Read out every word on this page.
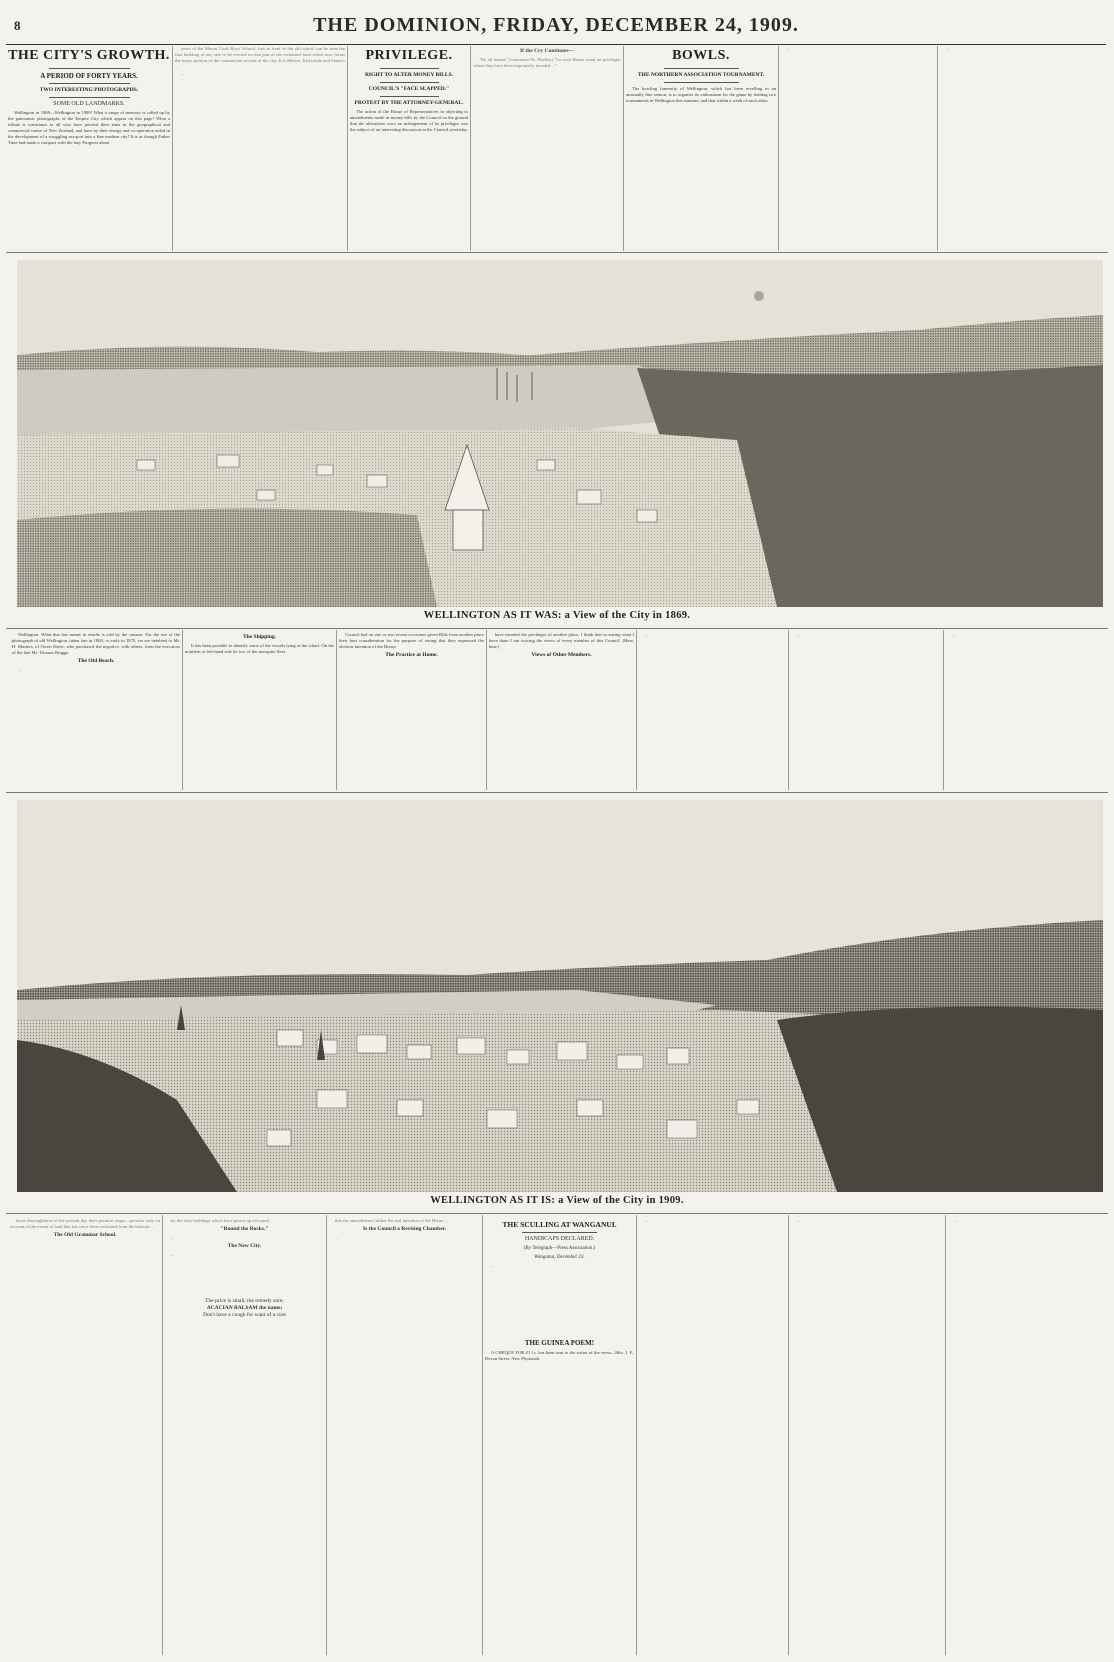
8	THE DOMINION, FRIDAY, DECEMBER 24, 1909.
THE CITY'S GROWTH.
A PERIOD OF FORTY YEARS.
TWO INTERESTING PHOTOGRAPHS.
SOME OLD LANDMARKS.

Wellington in 1869—Wellington in 1909! What a range of memory is called up by the panoramic photographs of the Empire City which appear on this page! What a tribute it constitutes to all who have pitched their tents in the geographical and commercial centre of New Zealand, and have by their energy and co-operation aided in the development of a struggling sea-port into a fine modern city! It is as though Father Time had made a compact with the lazy Progress about

years of the Mount Cook Boys' School. Just in front of the old school can be seen the first building of any size to be erected on that part of the reclaimed land which now forms the major portion of the commercial section of the city. It is Messrs. Kirkcaldie and Stains's ...

...

PRIVILEGE.
RIGHT TO ALTER MONEY BILLS.
COUNCIL'S "FACE SLAPPED."
PROTEST BY THE ATTORNEY-GENERAL.

The action of the House of Representatives in objecting to amendments made in money bills by the Council on the ground that the alterations were an infringement of its privileges was the subject of an interesting discussion in the Council yesterday.

If the Cry Continues—

"By all means" (continued Dr. Findlay) "let such House stand on privileges where they have been improperly invaded ..."

BOWLS.
THE NORTHERN ASSOCIATION TOURNAMENT.

The bowling fraternity of Wellington, which has been revelling in an unusually fine season, is to organise its enthusiasm for the game by holding two tournaments in Wellington this summer, and that within a week of each other.

...	...

WELLINGTON AS IT WAS: a View of the City in 1869.

Wellington. What that has meant in results is told by the camera. For the use of the photograph of old Wellington, taken late in 1869, or early in 1870, we are indebted to Mr. H. Masters, of Owen Street, who purchased the negative, with others, from the executors of the late Mr. Thomas Bragge.

The Old Beach.

...

The Shipping.

It has been possible to identify some of the vessels lying at the wharf. On the northern or left-hand side lie two of the mosquito fleet.

Council had on one or two recent occasions given Bills from another place their best consideration for the purpose of seeing that they expressed the obvious intention of the House.

The Practice at Home.

have invaded the privileges of another place. I think that in stating what I have done I am voicing the views of every member of this Council. (Hear, hear.)

Views of Other Members.

...	...	...

WELLINGTON AS IT IS: a View of the City in 1909.

those thoroughfares of the present day their peculiar shape—peculiar only on account of the extent of land that has since been reclaimed from the harbour ...

The Old Grammar School.

by the lofty buildings which have grown up all round.

"Round the Rocks."

...

The New City.

...

The price is small, the remedy sure;
ACACIAN BALSAM the name;
Don't have a cough for want of a cure

that the amendments further the real intention of the House ...

Is the Council a Revising Chamber.

...

THE SCULLING AT WANGANUI.
HANDICAPS DECLARED.
(By Telegraph—Press Association.)
Wanganui, December 23.

...

THE GUINEA POEM!

A CHEQUE FOR £1 1s. has been sent to the writer of the verse—Mrs. J. F., Devon Street, New Plymouth.

...	...	...
